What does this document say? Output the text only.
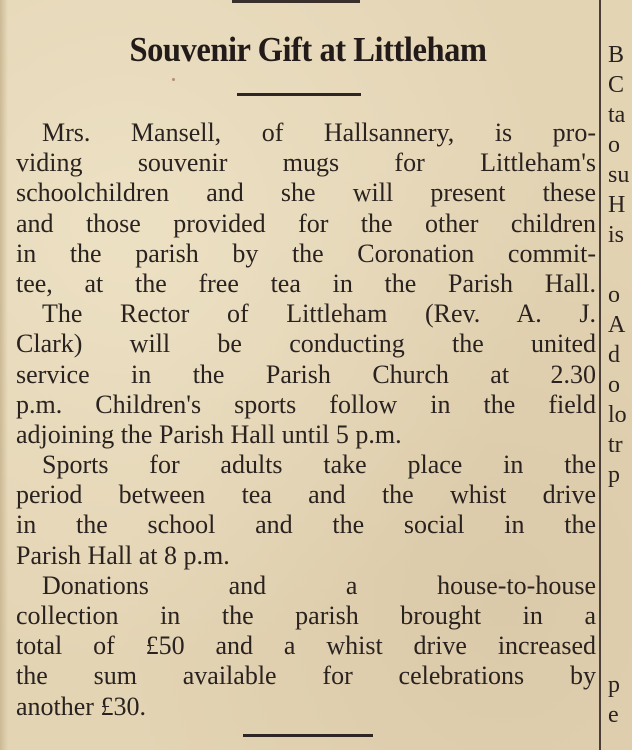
Souvenir Gift at Littleham
Mrs. Mansell, of Hallsannery, is pro-
viding souvenir mugs for Littleham's
schoolchildren and she will present these
and those provided for the other children
in the parish by the Coronation commit-
tee, at the free tea in the Parish Hall.
The Rector of Littleham (Rev. A. J.
Clark) will be conducting the united
service in the Parish Church at 2.30
p.m. Children's sports follow in the field
adjoining the Parish Hall until 5 p.m.
Sports for adults take place in the
period between tea and the whist drive
in the school and the social in the
Parish Hall at 8 p.m.
Donations and a house-to-house
collection in the parish brought in a
total of £50 and a whist drive increased
the sum available for celebrations by
another £30.
B
C
ta
o
su
H
is
o
A
d
o
lo
tr
p
p
e
